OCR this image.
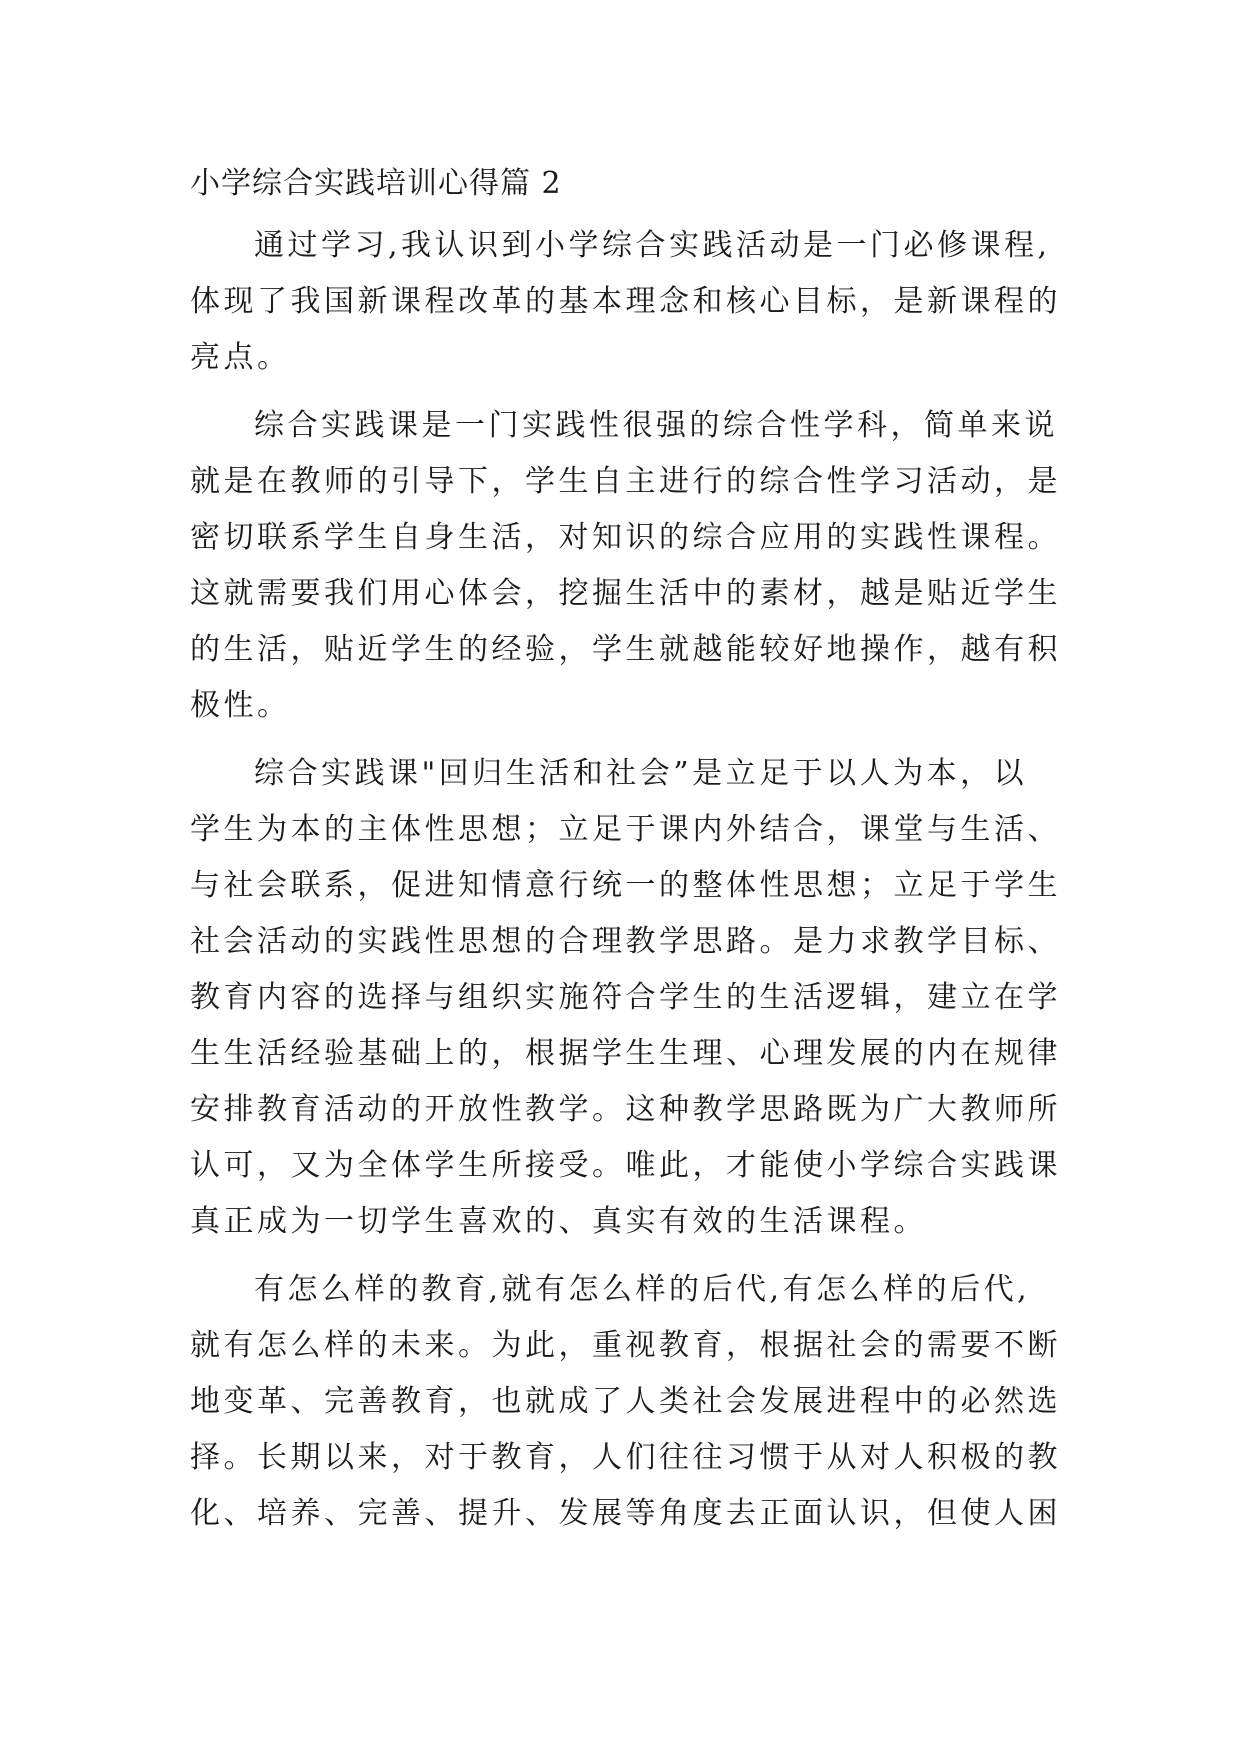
小学综合实践培训心得篇 2
通过学习,我认识到小学综合实践活动是一门必修课程,
体现了我国新课程改革的基本理念和核心目标，是新课程的
亮点。
综合实践课是一门实践性很强的综合性学科，简单来说
就是在教师的引导下，学生自主进行的综合性学习活动，是
密切联系学生自身生活，对知识的综合应用的实践性课程。
这就需要我们用心体会，挖掘生活中的素材，越是贴近学生
的生活，贴近学生的经验，学生就越能较好地操作，越有积
极性。
综合实践课"回归生活和社会”是立足于以人为本，以
学生为本的主体性思想；立足于课内外结合，课堂与生活、
与社会联系，促进知情意行统一的整体性思想；立足于学生
社会活动的实践性思想的合理教学思路。是力求教学目标、
教育内容的选择与组织实施符合学生的生活逻辑，建立在学
生生活经验基础上的，根据学生生理、心理发展的内在规律
安排教育活动的开放性教学。这种教学思路既为广大教师所
认可，又为全体学生所接受。唯此，才能使小学综合实践课
真正成为一切学生喜欢的、真实有效的生活课程。
有怎么样的教育,就有怎么样的后代,有怎么样的后代,
就有怎么样的未来。为此，重视教育，根据社会的需要不断
地变革、完善教育，也就成了人类社会发展进程中的必然选
择。长期以来，对于教育，人们往往习惯于从对人积极的教
化、培养、完善、提升、发展等角度去正面认识，但使人困
